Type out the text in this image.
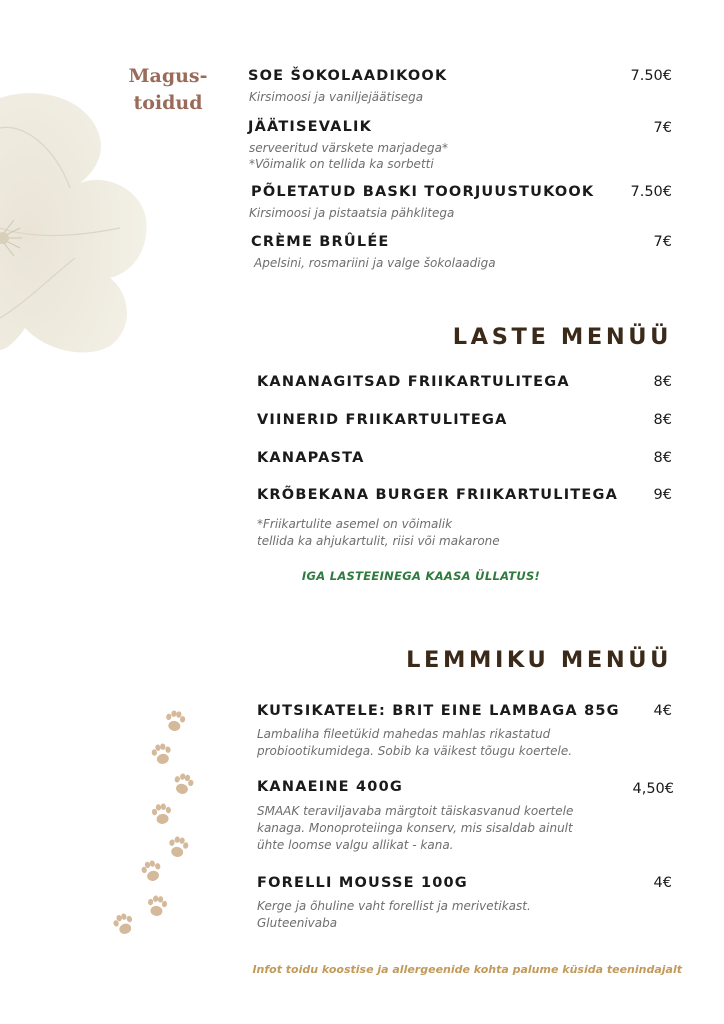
Magus-
toidud
SOE ŠOKOLAADIKOOK	7.50€
Kirsimoosi ja vaniljejäätisega
JÄÄTISEVALIK	7€
serveeritud värskete marjadega*
*Võimalik on tellida ka sorbetti
PÕLETATUD BASKI TOORJUUSTUKOOK 7.50€
Kirsimoosi ja pistaatsia pähklitega
CRÈME BRÛLÉE	7€
Apelsini, rosmariini ja valge šokolaadiga
LASTE MENÜÜ
KANANAGITSAD FRIIKARTULITEGA	8€
VIINERID FRIIKARTULITEGA	8€
KANAPASTA	8€
KRÕBEKANA BURGER FRIIKARTULITEGA 9€
*Friikartulite asemel on võimalik
tellida ka ahjukartulit, riisi või makarone
IGA LASTEEINEGA KAASA ÜLLATUS!
LEMMIKU MENÜÜ
KUTSIKATELE: BRIT EINE LAMBAGA 85G 4€
Lambaliha fileetükid mahedas mahlas rikastatud
probiootikumidega. Sobib ka väikest tõugu koertele.
KANAEINE 400G	4,50€
SMAAK teraviljavaba märgtoit täiskasvanud koertele
kanaga. Monoproteiinga konserv, mis sisaldab ainult
ühte loomse valgu allikat - kana.
FORELLI MOUSSE 100G	4€
Kerge ja õhuline vaht forellist ja merivetikast.
Gluteenivaba
Infot toidu koostise ja allergeenide kohta palume küsida teenindajalt
